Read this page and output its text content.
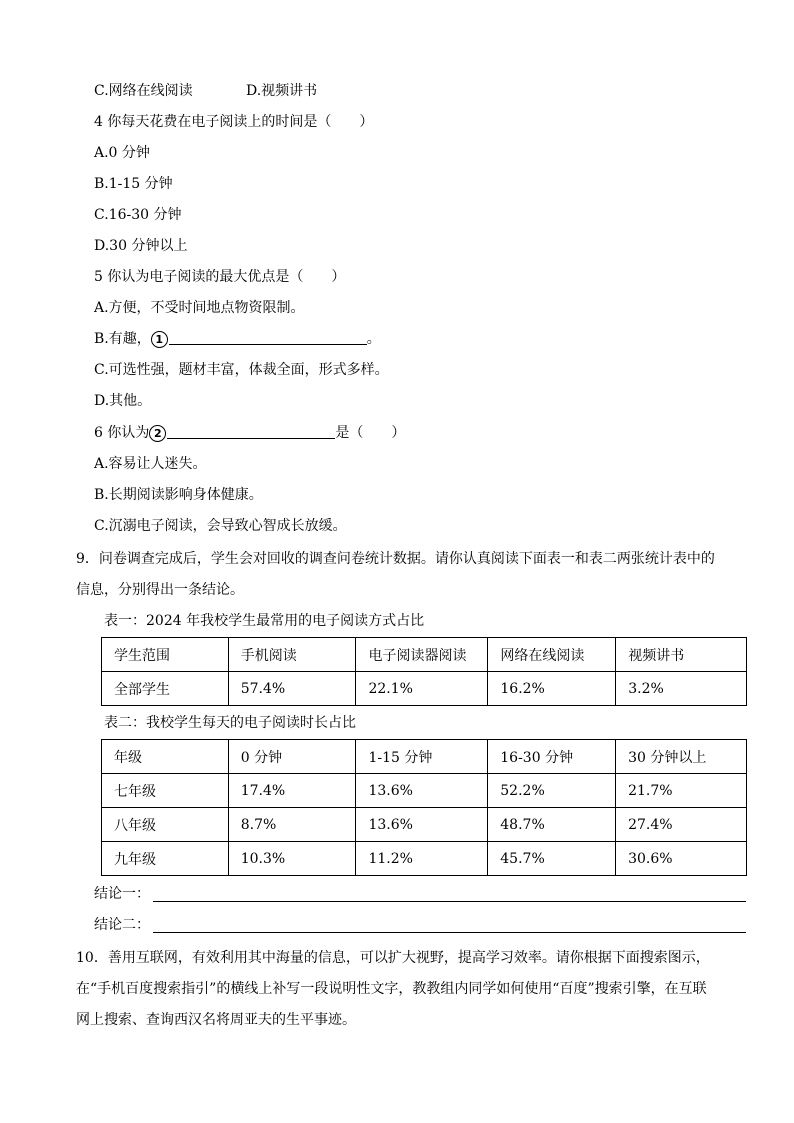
C.网络在线阅读	D.视频讲书
4 你每天花费在电子阅读上的时间是（　　）
A.0 分钟
B.1-15 分钟
C.16-30 分钟
D.30 分钟以上
5 你认为电子阅读的最大优点是（　　）
A.方便，不受时间地点物资限制。
B.有趣， 1	。
C.可选性强，题材丰富，体裁全面，形式多样。
D.其他。
6 你认为 2	是（　　）
A.容易让人迷失。
B.长期阅读影响身体健康。
C.沉溺电子阅读，会导致心智成长放缓。
9．问卷调查完成后，学生会对回收的调查问卷统计数据。请你认真阅读下面表一和表二两张统计表中的
信息，分别得出一条结论。
表一：2024 年我校学生最常用的电子阅读方式占比
学生范围	手机阅读	电子阅读器阅读	网络在线阅读	视频讲书
全部学生	57.4%	22.1%	16.2%	3.2%
表二：我校学生每天的电子阅读时长占比
年级	0 分钟	1-15 分钟	16-30 分钟	30 分钟以上
七年级	17.4%	13.6%	52.2%	21.7%
八年级	8.7%	13.6%	48.7%	27.4%
九年级	10.3%	11.2%	45.7%	30.6%
结论一：
结论二：
10．善用互联网，有效利用其中海量的信息，可以扩大视野，提高学习效率。请你根据下面搜索图示，
在“手机百度搜索指引”的横线上补写一段说明性文字，教教组内同学如何使用“百度”搜索引擎，在互联
网上搜索、查询西汉名将周亚夫的生平事迹。
